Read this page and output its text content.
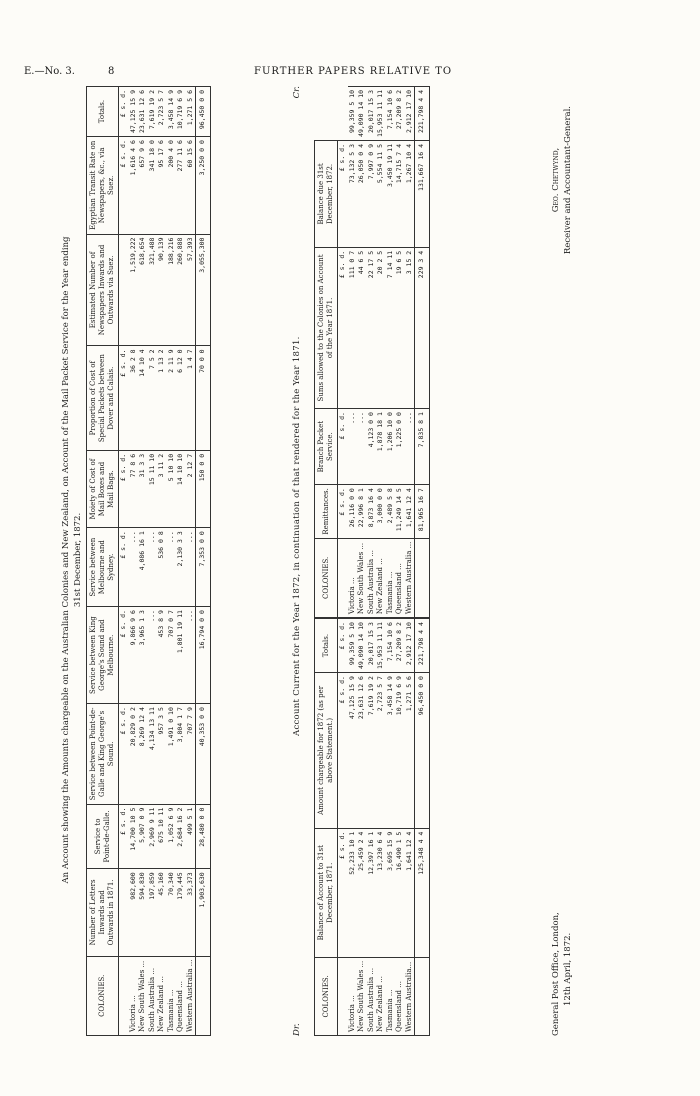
E.—No. 3.	8	FURTHER PAPERS RELATIVE TO
An Account showing the Amounts chargeable on the Australian Colonies and New Zealand, on Account of the Mail Packet Service for the Year ending 31st December, 1872.
COLONIES.	Number of Letters Inwards and Outwards in 1871.	Service to Point-de-Galle.	Service between Point-de-Galle and King George's Sound.	Service between King George's Sound and Melbourne.	Service between Melbourne and Sydney.	Moiety of Cost of Mail Boxes and Mail Bags.	Proportion of Cost of Special Packets between Dover and Calais.	Estimated Number of Newspapers Inwards and Outwards via Suez.	Egyptian Transit Rate on Newspapers, &c., via Suez.	Totals.
		£ s. d.	£ s. d.	£ s. d.	£ s. d.	£ s. d.	£ s. d.		£ s. d.	£ s. d.
Victoria ...	982,600	14,700 10 5	20,829 0 2	9,866 9 6	...	77 8 6	36 2 8	1,519,222	1,616 4 6	47,125 15 9
New South Wales ...	594,830	5,907 0 9	8,269 12 4	3,965 1 3	4,086 16 1	31 3 3	14 10 4	618,654	657 9 6	23,631 12 6
South Australia ...	197,859	2,969 9 11	4,134 13 11	...	...	15 11 10	7 5 2	321,488	341 18 0	7,619 19 2
New Zealand ...	45,160	675 10 11	957 3 5	453 8 9	536 0 8	3 11 2	1 13 2	90,139	95 17 6	2,723 5 7
Tasmania ...	70,340	1,052 6 9	1,491 0 10	707 0 7	...	5 10 10	2 11 9	188,216	200 4 0	3,458 14 9
Queensland ...	179,445	2,684 16 2	3,804 1 7	1,801 19 11	2,130 3 3	14 10 10	6 12 0	260,888	277 11 6	10,719 6 9
Western Australia ...	33,373	499 5 1	707 7 9	...	...	2 12 7	1 4 7	57,393	60 15 6	1,271 5 6
	1,903,630	28,480 0 0	40,353 0 0	16,794 0 0	7,353 0 0	150 0 0	70 0 0	3,055,300	3,250 0 0	96,450 0 0
Dr.
Account Current for the Year 1872, in continuation of that rendered for the Year 1871.
Cr.
COLONIES.	Balance of Account to 31st December, 1871.	Amount chargeable for 1872 (as per above Statement.)	Totals.	COLONIES.	Remittances.	Branch Packet Service.	Sums allowed to the Colonies on Account of the Year 1871.	Balance due 31st December, 1872.	
	£ s. d.	£ s. d.	£ s. d.		£ s. d.	£ s. d.	£ s. d.	£ s. d.	
Victoria ...	52,233 10 1	47,125 15 9	99,359 5 10	Victoria ...	26,116 0 0	...	111 0 7	73,132 5 3	99,359 5 10
New South Wales ...	25,459 2 4	23,631 12 6	49,090 14 10	New South Wales ...	22,996 8 1	...	44 6 5	26,050 0 4	49,090 14 10
South Australia ...	12,397 16 1	7,619 19 2	20,017 15 3	South Australia ...	8,873 16 4	4,123 0 0	22 17 5	7,997 0 9	20,017 15 3
New Zealand ...	13,230 6 4	2,723 5 7	15,953 11 11	New Zealand ...	3,000 0 0	1,878 18 1	20 2 5	5,554 11 5	15,953 11 11
Tasmania ...	3,695 15 9	3,458 14 9	7,154 10 6	Tasmania ...	2,489 5 8	1,206 10 0	7 14 11	3,450 19 11	7,154 10 6
Queensland ...	16,490 1 5	10,719 6 9	27,209 8 2	Queensland ...	11,249 14 5	1,225 0 0	19 6 5	14,715 7 4	27,209 8 2
Western Australia...	1,641 12 4	1,271 5 6	2,912 17 10	Western Australia ...	1,641 12 4	...	3 15 2	1,267 10 4	2,912 17 10
	125,348 4 4	96,450 0 0	221,798 4 4		81,965 16 7	7,835 8 1	229 3 4	131,667 16 4	221,798 4 4
General Post Office, London, 12th April, 1872.
Geo. Chetwynd, Receiver and Accountant-General.
